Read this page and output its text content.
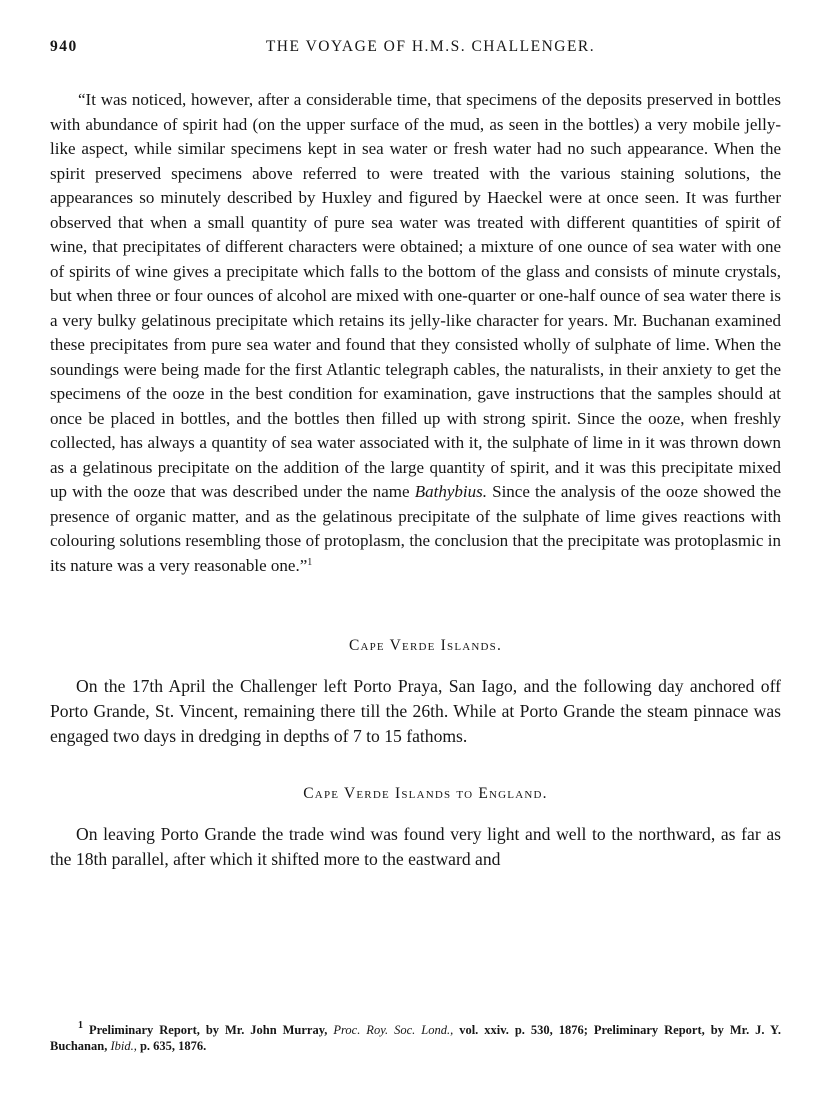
940	THE VOYAGE OF H.M.S. CHALLENGER.

“It was noticed, however, after a considerable time, that specimens of the deposits preserved in bottles with abundance of spirit had (on the upper surface of the mud, as seen in the bottles) a very mobile jelly-like aspect, while similar specimens kept in sea water or fresh water had no such appearance. When the spirit preserved specimens above referred to were treated with the various staining solutions, the appearances so minutely described by Huxley and figured by Haeckel were at once seen. It was further observed that when a small quantity of pure sea water was treated with different quantities of spirit of wine, that precipitates of different characters were obtained; a mixture of one ounce of sea water with one of spirits of wine gives a precipitate which falls to the bottom of the glass and consists of minute crystals, but when three or four ounces of alcohol are mixed with one-quarter or one-half ounce of sea water there is a very bulky gelatinous precipitate which retains its jelly-like character for years. Mr. Buchanan examined these precipitates from pure sea water and found that they consisted wholly of sulphate of lime. When the soundings were being made for the first Atlantic telegraph cables, the naturalists, in their anxiety to get the specimens of the ooze in the best condition for examination, gave instructions that the samples should at once be placed in bottles, and the bottles then filled up with strong spirit. Since the ooze, when freshly collected, has always a quantity of sea water associated with it, the sulphate of lime in it was thrown down as a gelatinous precipitate on the addition of the large quantity of spirit, and it was this precipitate mixed up with the ooze that was described under the name Bathybius. Since the analysis of the ooze showed the presence of organic matter, and as the gelatinous precipitate of the sulphate of lime gives reactions with colouring solutions resembling those of protoplasm, the conclusion that the precipitate was protoplasmic in its nature was a very reasonable one.”$^1$

Cape Verde Islands.

On the 17th April the Challenger left Porto Praya, San Iago, and the following day anchored off Porto Grande, St. Vincent, remaining there till the 26th. While at Porto Grande the steam pinnace was engaged two days in dredging in depths of 7 to 15 fathoms.

Cape Verde Islands to England.

On leaving Porto Grande the trade wind was found very light and well to the northward, as far as the 18th parallel, after which it shifted more to the eastward and

$^1$ Preliminary Report, by Mr. John Murray, Proc. Roy. Soc. Lond., vol. xxiv. p. 530, 1876; Preliminary Report, by Mr. J. Y. Buchanan, Ibid., p. 635, 1876.
